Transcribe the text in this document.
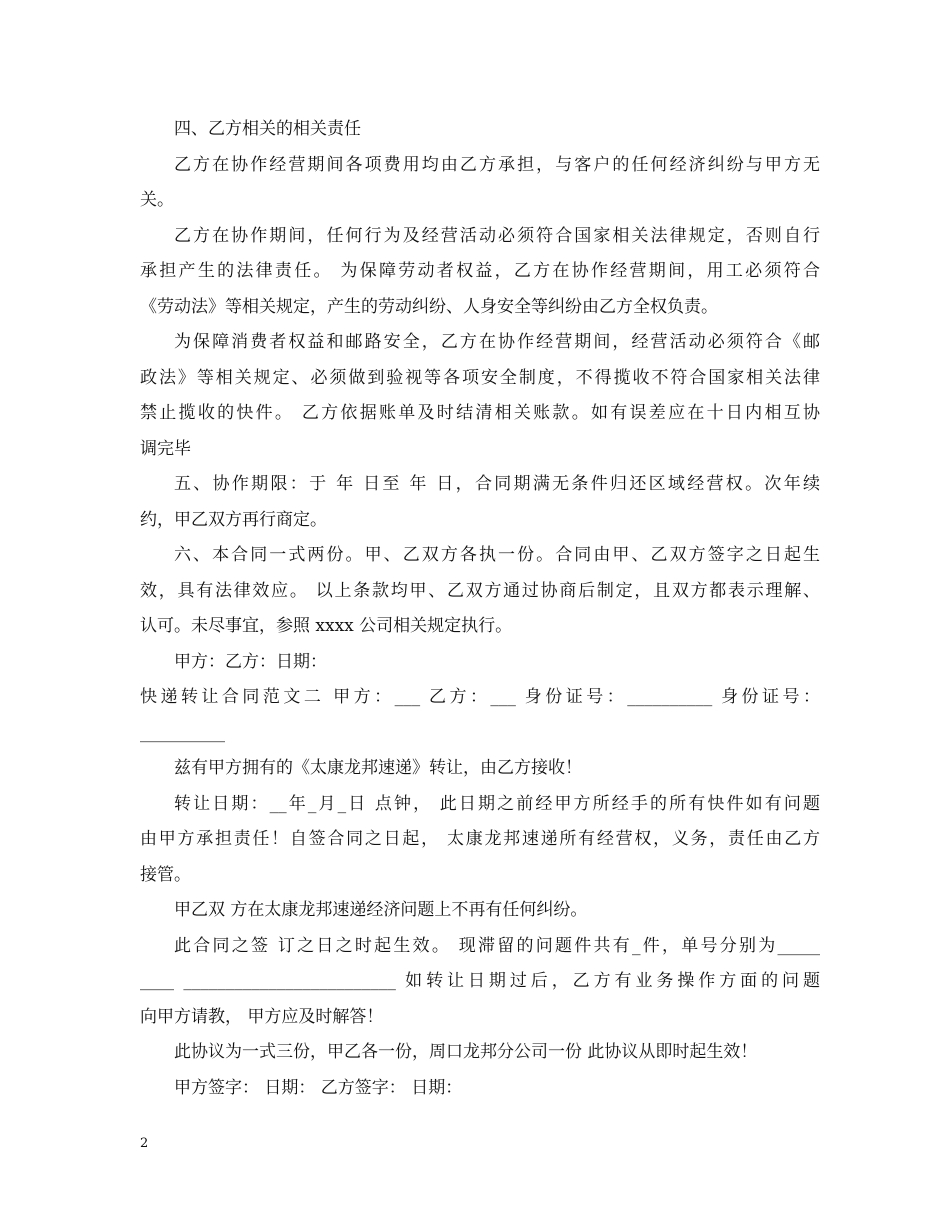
四、乙方相关的相关责任

乙方在协作经营期间各项费用均由乙方承担，与客户的任何经济纠纷与甲方无

关。

乙方在协作期间，任何行为及经营活动必须符合国家相关法律规定，否则自行

承担产生的法律责任。 为保障劳动者权益，乙方在协作经营期间，用工必须符合

《劳动法》等相关规定，产生的劳动纠纷、人身安全等纠纷由乙方全权负责。

为保障消费者权益和邮路安全，乙方在协作经营期间，经营活动必须符合《邮

政法》等相关规定、必须做到验视等各项安全制度，不得揽收不符合国家相关法律

禁止揽收的快件。 乙方依据账单及时结清相关账款。如有误差应在十日内相互协

调完毕

五、协作期限：于 年 日至 年 日，合同期满无条件归还区域经营权。次年续

约，甲乙双方再行商定。

六、本合同一式两份。甲、乙双方各执一份。合同由甲、乙双方签字之日起生

效，具有法律效应。 以上条款均甲、乙双方通过协商后制定，且双方都表示理解、

认可。未尽事宜，参照 xxxx 公司相关规定执行。

甲方：乙方：日期：

快递转让合同范文二 甲方：___ 乙方：___ 身份证号：__________ 身份证号：

__________

兹有甲方拥有的《太康龙邦速递》转让，由乙方接收！

转让日期：__年_月_日 点钟， 此日期之前经甲方所经手的所有快件如有问题

由甲方承担责任！自签合同之日起， 太康龙邦速递所有经营权，义务，责任由乙方

接管。

甲乙双 方在太康龙邦速递经济问题上不再有任何纠纷。

此合同之签 订之日之时起生效。 现滞留的问题件共有_件，单号分别为_____

____ _________________________ 如转让日期过后，乙方有业务操作方面的问题

向甲方请教， 甲方应及时解答！

此协议为一式三份，甲乙各一份，周口龙邦分公司一份 此协议从即时起生效！

甲方签字： 日期： 乙方签字： 日期：

2
